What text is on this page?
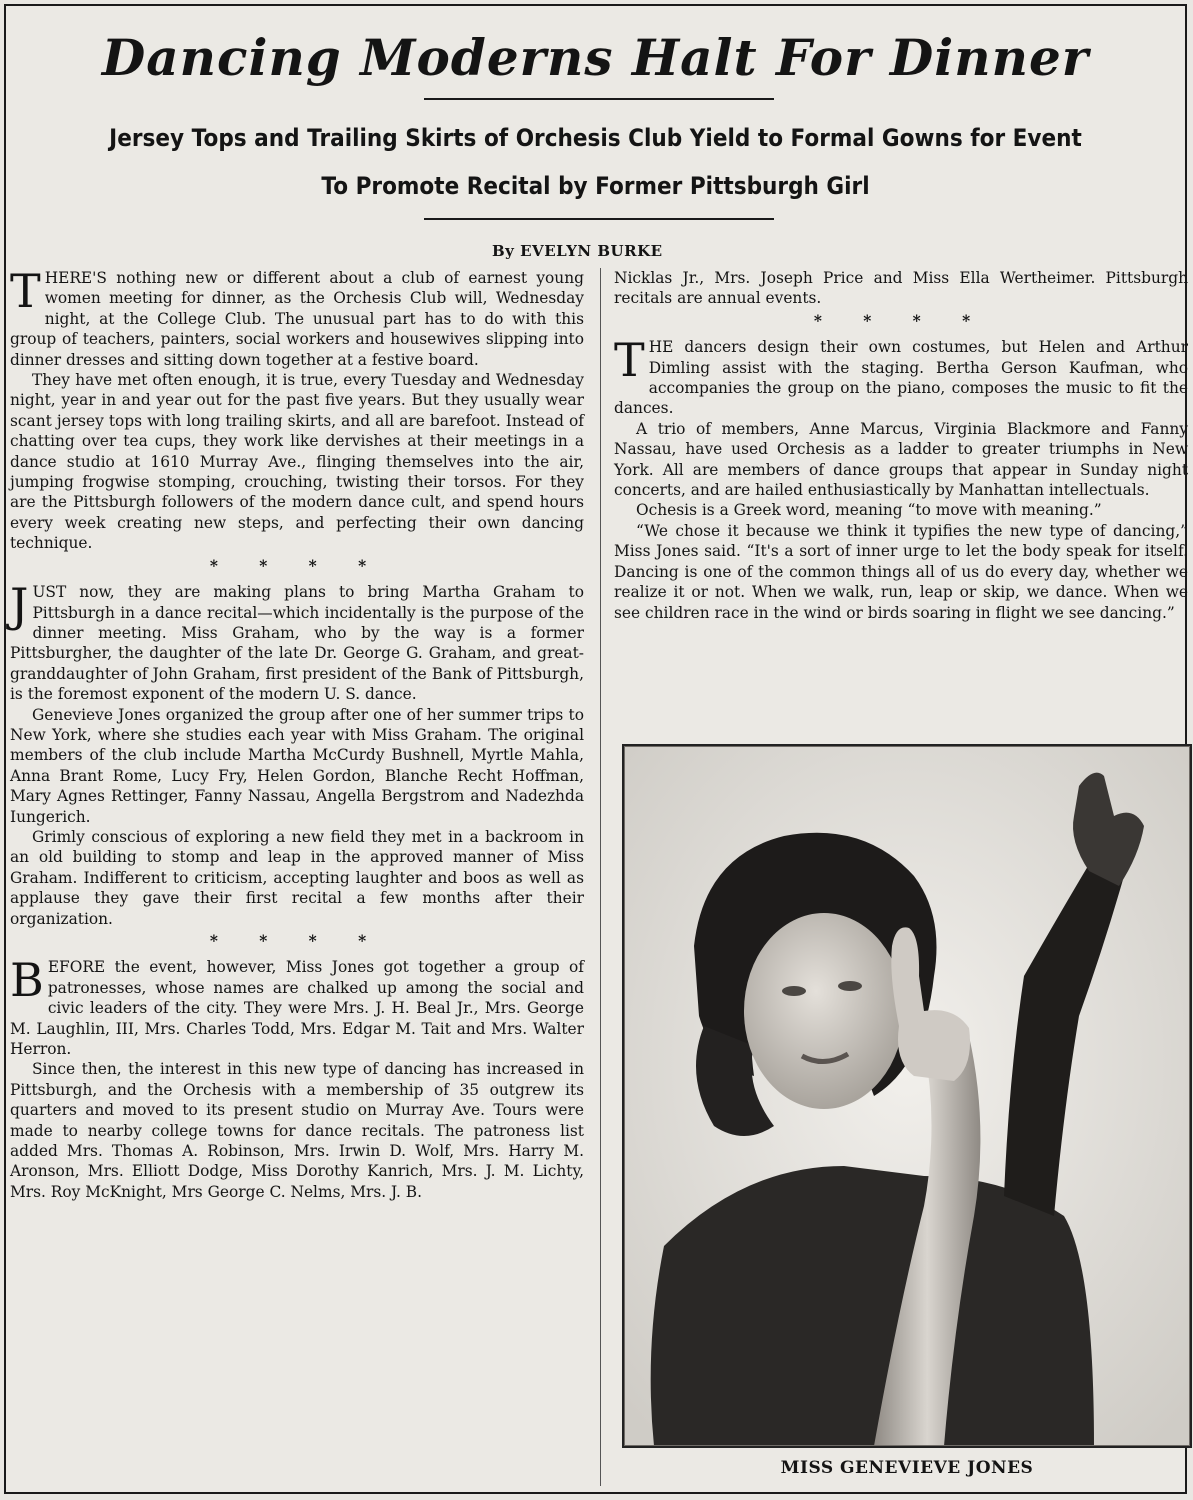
Dancing Moderns Halt For Dinner
Jersey Tops and Trailing Skirts of Orchesis Club Yield to Formal Gowns for Event
To Promote Recital by Former Pittsburgh Girl
By EVELYN BURKE

THERE'S nothing new or different about a club of earnest young women meeting for dinner, as the Orchesis Club will, Wednesday night, at the College Club. The unusual part has to do with this group of teachers, painters, social workers and housewives slipping into dinner dresses and sitting down together at a festive board.

They have met often enough, it is true, every Tuesday and Wednesday night, year in and year out for the past five years. But they usually wear scant jersey tops with long trailing skirts, and all are barefoot. Instead of chatting over tea cups, they work like dervishes at their meetings in a dance studio at 1610 Murray Ave., flinging themselves into the air, jumping frogwise stomping, crouching, twisting their torsos. For they are the Pittsburgh followers of the modern dance cult, and spend hours every week creating new steps, and perfecting their own dancing technique.

* * * *

JUST now, they are making plans to bring Martha Graham to Pittsburgh in a dance recital—which incidentally is the purpose of the dinner meeting. Miss Graham, who by the way is a former Pittsburgher, the daughter of the late Dr. George G. Graham, and great-granddaughter of John Graham, first president of the Bank of Pittsburgh, is the foremost exponent of the modern U. S. dance.

Genevieve Jones organized the group after one of her summer trips to New York, where she studies each year with Miss Graham. The original members of the club include Martha McCurdy Bushnell, Myrtle Mahla, Anna Brant Rome, Lucy Fry, Helen Gordon, Blanche Recht Hoffman, Mary Agnes Rettinger, Fanny Nassau, Angella Bergstrom and Nadezhda Iungerich.

Grimly conscious of exploring a new field they met in a backroom in an old building to stomp and leap in the approved manner of Miss Graham. Indifferent to criticism, accepting laughter and boos as well as applause they gave their first recital a few months after their organization.

* * * *

BEFORE the event, however, Miss Jones got together a group of patronesses, whose names are chalked up among the social and civic leaders of the city. They were Mrs. J. H. Beal Jr., Mrs. George M. Laughlin, III, Mrs. Charles Todd, Mrs. Edgar M. Tait and Mrs. Walter Herron.

Since then, the interest in this new type of dancing has increased in Pittsburgh, and the Orchesis with a membership of 35 outgrew its quarters and moved to its present studio on Murray Ave. Tours were made to nearby college towns for dance recitals. The patroness list added Mrs. Thomas A. Robinson, Mrs. Irwin D. Wolf, Mrs. Harry M. Aronson, Mrs. Elliott Dodge, Miss Dorothy Kanrich, Mrs. J. M. Lichty, Mrs. Roy McKnight, Mrs George C. Nelms, Mrs. J. B.

Nicklas Jr., Mrs. Joseph Price and Miss Ella Wertheimer. Pittsburgh recitals are annual events.

* * * *

THE dancers design their own costumes, but Helen and Arthur Dimling assist with the staging. Bertha Gerson Kaufman, who accompanies the group on the piano, composes the music to fit the dances.

A trio of members, Anne Marcus, Virginia Blackmore and Fanny Nassau, have used Orchesis as a ladder to greater triumphs in New York. All are members of dance groups that appear in Sunday night concerts, and are hailed enthusiastically by Manhattan intellectuals.

Ochesis is a Greek word, meaning “to move with meaning.”

“We chose it because we think it typifies the new type of dancing,” Miss Jones said. “It's a sort of inner urge to let the body speak for itself. Dancing is one of the common things all of us do every day, whether we realize it or not. When we walk, run, leap or skip, we dance. When we see children race in the wind or birds soaring in flight we see dancing.”

MISS GENEVIEVE JONES
